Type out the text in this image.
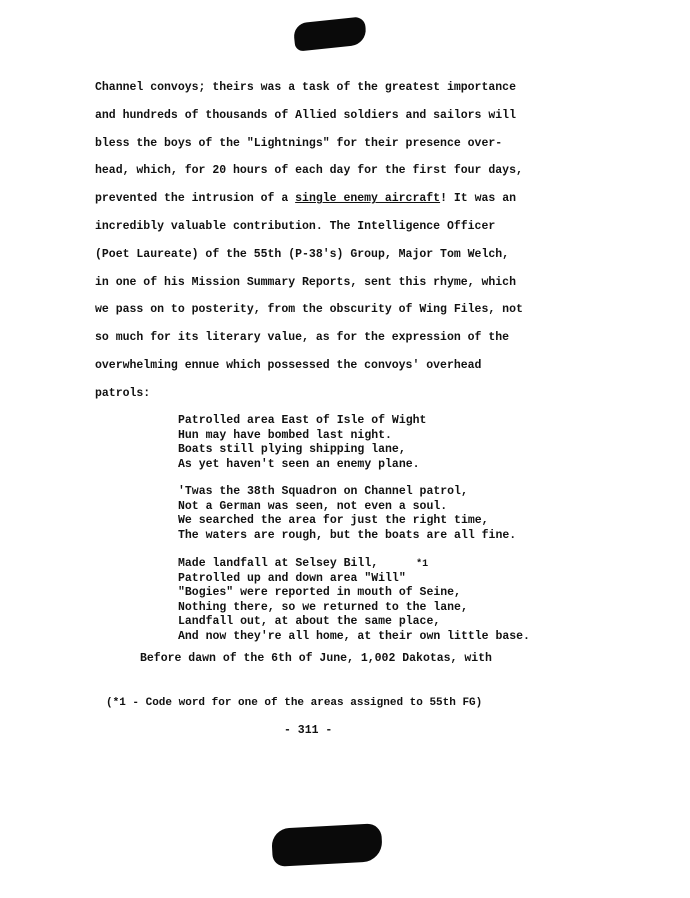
Channel convoys; theirs was a task of the greatest importance
and hundreds of thousands of Allied soldiers and sailors will
bless the boys of the "Lightnings" for their presence over-
head, which, for 20 hours of each day for the first four days,
prevented the intrusion of a single enemy aircraft! It was an
incredibly valuable contribution. The Intelligence Officer
(Poet Laureate) of the 55th (P-38's) Group, Major Tom Welch,
in one of his Mission Summary Reports, sent this rhyme, which
we pass on to posterity, from the obscurity of Wing Files, not
so much for its literary value, as for the expression of the
overwhelming ennue which possessed the convoys' overhead
patrols:
Patrolled area East of Isle of Wight
Hun may have bombed last night.
Boats still plying shipping lane,
As yet haven't seen an enemy plane.
'Twas the 38th Squadron on Channel patrol,
Not a German was seen, not even a soul.
We searched the area for just the right time,
The waters are rough, but the boats are all fine.
Made landfall at Selsey Bill,	*1
Patrolled up and down area "Will"
"Bogies" were reported in mouth of Seine,
Nothing there, so we returned to the lane,
Landfall out, at about the same place,
And now they're all home, at their own little base.
Before dawn of the 6th of June, 1,002 Dakotas, with
(*1 - Code word for one of the areas assigned to 55th FG)
- 311 -
